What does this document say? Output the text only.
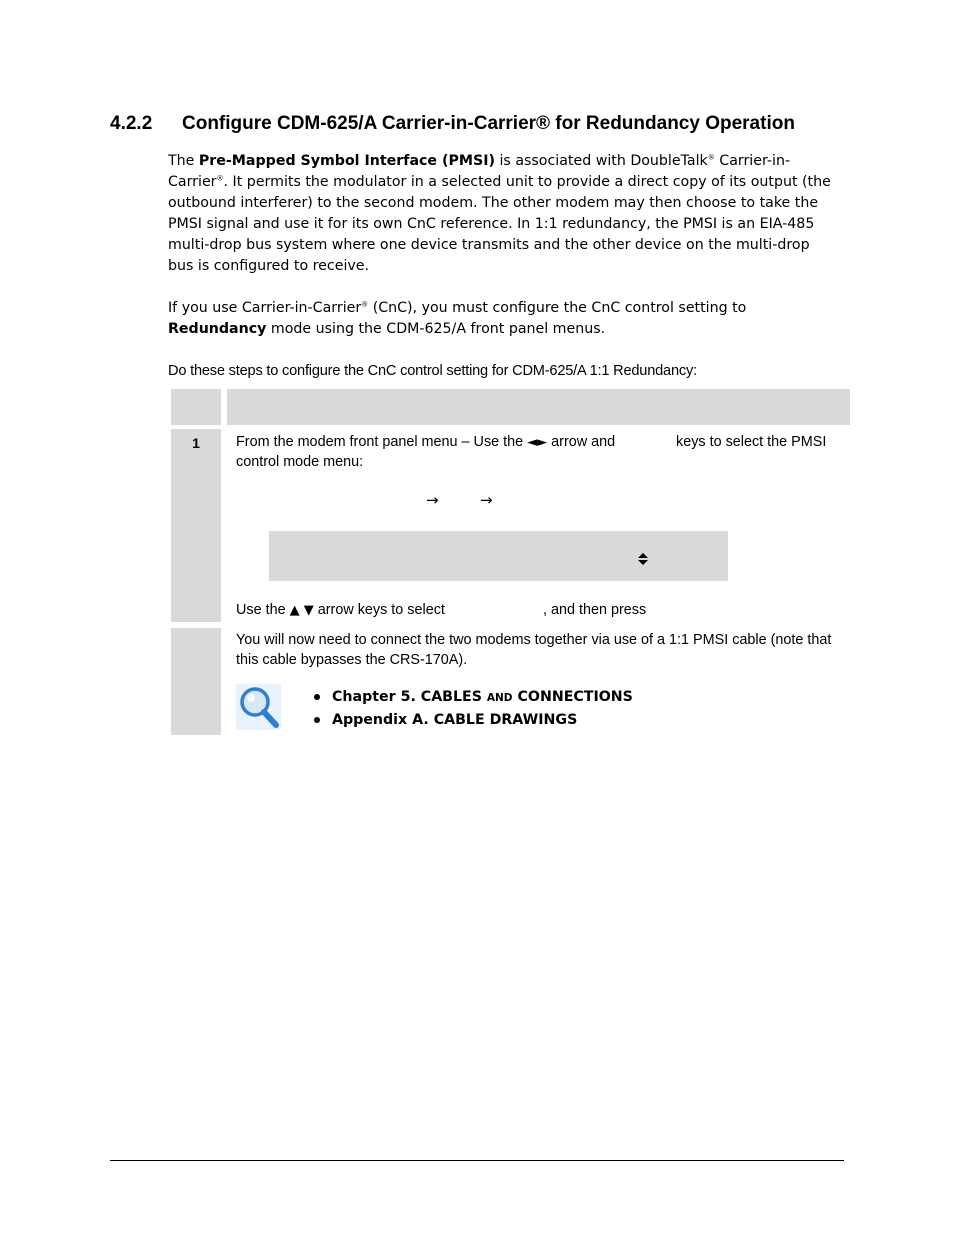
4.2.2 Configure CDM-625/A Carrier-in-Carrier® for Redundancy Operation
The Pre-Mapped Symbol Interface (PMSI) is associated with DoubleTalk® Carrier-in-Carrier®. It permits the modulator in a selected unit to provide a direct copy of its output (the outbound interferer) to the second modem. The other modem may then choose to take the PMSI signal and use it for its own CnC reference. In 1:1 redundancy, the PMSI is an EIA-485 multi-drop bus system where one device transmits and the other device on the multi-drop bus is configured to receive.
If you use Carrier-in-Carrier® (CnC), you must configure the CnC control setting to Redundancy mode using the CDM-625/A front panel menus.
Do these steps to configure the CnC control setting for CDM-625/A 1:1 Redundancy:
1	From the modem front panel menu – Use the ◄► arrow and	keys to select the PMSI
control mode menu:
→	→
Use the ▲ ▼ arrow keys to select	, and then press
You will now need to connect the two modems together via use of a 1:1 PMSI cable (note that this cable bypasses the CRS-170A).
Chapter 5. CABLES AND CONNECTIONS
Appendix A. CABLE DRAWINGS
